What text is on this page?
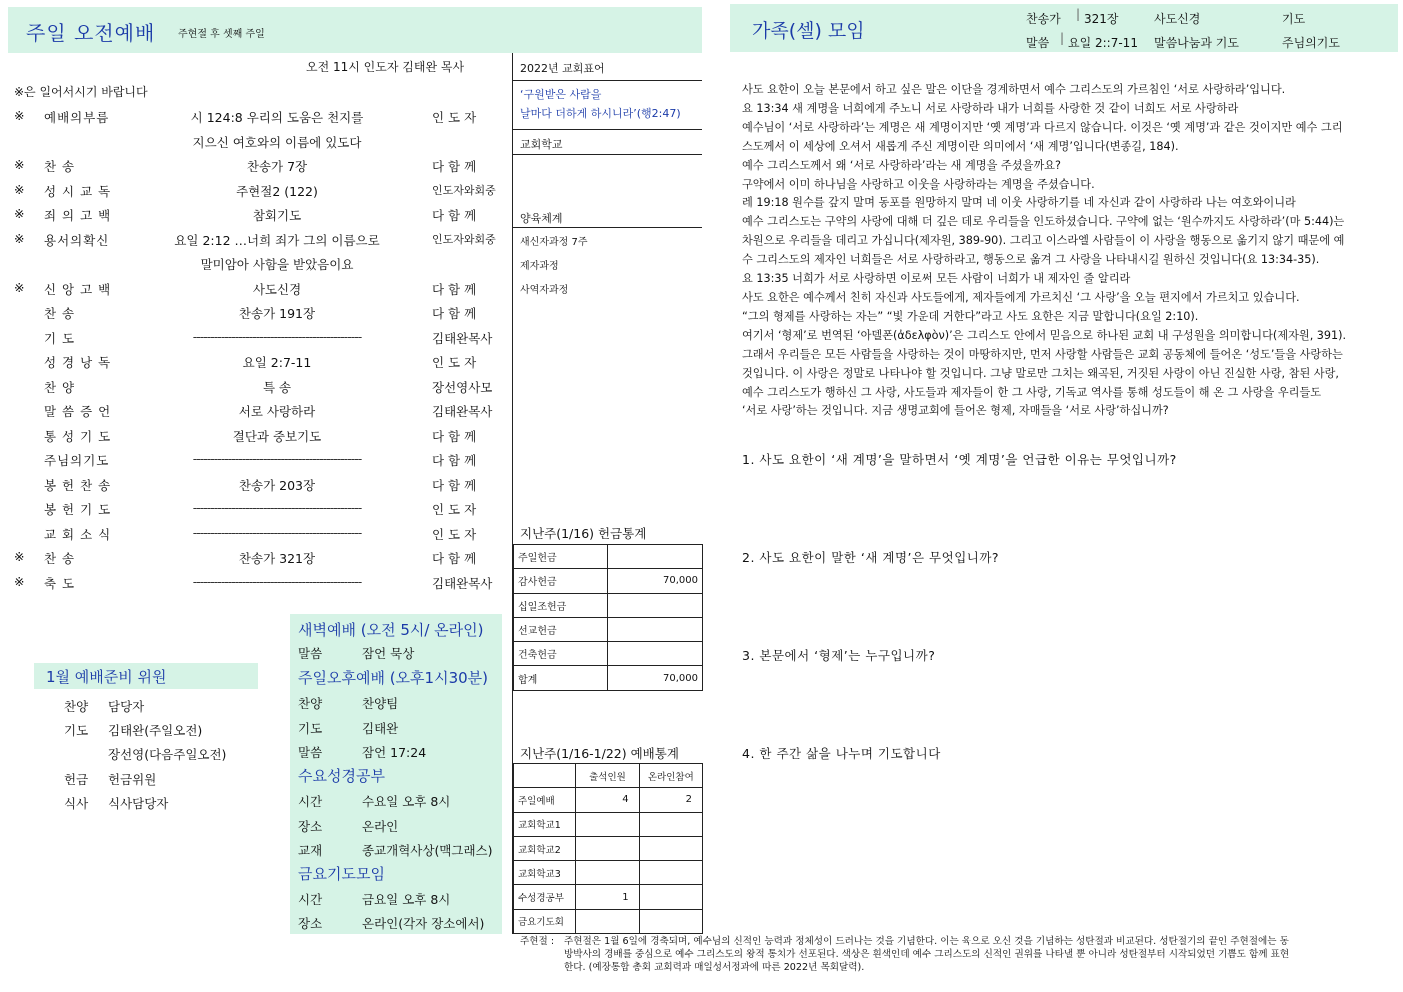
주일 오전예배 주현절 후 셋째 주일
오전 11시 인도자 김태완 목사
※은 일어서시기 바랍니다
※ 예배의부름	시 124:8 우리의 도움은 천지를	인 도 자
지으신 여호와의 이름에 있도다
※ 찬 송	찬송가 7장	다 함 께
※ 성 시 교 독	주현절2 (122)	인도자와회중
※ 죄 의 고 백	참회기도	다 함 께
※ 용서의확신	요일 2:12 …너희 죄가 그의 이름으로	인도자와회중
말미암아 사함을 받았음이요
※ 신 앙 고 백	사도신경	다 함 께
찬 송	찬송가 191장	다 함 께
기 도	------------------------------------------------	김태완목사
성 경 낭 독	요일 2:7-11	인 도 자
찬 양	특 송	장선영사모
말 씀 증 언	서로 사랑하라	김태완목사
통 성 기 도	결단과 중보기도	다 함 께
주님의기도	------------------------------------------------	다 함 께
봉 헌 찬 송	찬송가 203장	다 함 께
봉 헌 기 도	------------------------------------------------	인 도 자
교 회 소 식	------------------------------------------------	인 도 자
※ 찬 송	찬송가 321장	다 함 께
※ 축 도	------------------------------------------------	김태완목사
2022년 교회표어
‘구원받은 사람을
날마다 더하게 하시니라’(행2:47)
교회학교
양육체계
새신자과정 7주
제자과정
사역자과정
지난주(1/16) 헌금통계
주일헌금	
감사헌금	70,000
십일조헌금	
선교헌금	
건축헌금	
합계	70,000
지난주(1/16-1/22) 예배통계
	출석인원	온라인참여
주일예배	4	2
교회학교1		
교회학교2		
교회학교3		
수성경공부	1	
금요기도회		
새벽예배 (오전 5시/ 온라인)
말씀	잠언 묵상
주일오후예배 (오후1시30분)
찬양	찬양팀
기도	김태완
말씀	잠언 17:24
수요성경공부
시간	수요일 오후 8시
장소	온라인
교재	종교개혁사상(맥그래스)
금요기도모임
시간	금요일 오후 8시
장소	온라인(각자 장소에서)
1월 예배준비 위원
찬양 담당자
기도 김태완(주일오전)
장선영(다음주일오전)
헌금 헌금위원
식사 식사담당자
가족(셀) 모임
찬송가 | 321장	사도신경	기도
말씀 | 요일 2::7-11 말씀나눔과 기도	주님의기도
사도 요한이 오늘 본문에서 하고 싶은 말은 이단을 경계하면서 예수 그리스도의 가르침인 ‘서로 사랑하라’입니다.
요 13:34 새 계명을 너희에게 주노니 서로 사랑하라 내가 너희를 사랑한 것 같이 너희도 서로 사랑하라
예수님이 ‘서로 사랑하라’는 계명은 새 계명이지만 ‘옛 계명’과 다르지 않습니다. 이것은 ‘옛 계명’과 같은 것이지만 예수 그리
스도께서 이 세상에 오셔서 새롭게 주신 계명이란 의미에서 ‘새 계명’입니다(변종길, 184).
예수 그리스도께서 왜 ‘서로 사랑하라’라는 새 계명을 주셨을까요?
구약에서 이미 하나님을 사랑하고 이웃을 사랑하라는 계명을 주셨습니다.
레 19:18 원수를 갚지 말며 동포를 원망하지 말며 네 이웃 사랑하기를 네 자신과 같이 사랑하라 나는 여호와이니라
예수 그리스도는 구약의 사랑에 대해 더 깊은 데로 우리들을 인도하셨습니다. 구약에 없는 ‘원수까지도 사랑하라’(마 5:44)는
차원으로 우리들을 데리고 가십니다(제자원, 389-90). 그리고 이스라엘 사람들이 이 사랑을 행동으로 옮기지 않기 때문에 예
수 그리스도의 제자인 너희들은 서로 사랑하라고, 행동으로 옮겨 그 사랑을 나타내시길 원하신 것입니다(요 13:34-35).
요 13:35 너희가 서로 사랑하면 이로써 모든 사람이 너희가 내 제자인 줄 알리라
사도 요한은 예수께서 친히 자신과 사도들에게, 제자들에게 가르치신 ‘그 사랑’을 오늘 편지에서 가르치고 있습니다.
“그의 형제를 사랑하는 자는” “빛 가운데 거한다”라고 사도 요한은 지금 말합니다(요일 2:10).
여기서 ‘형제’로 번역된 ‘아델폰(ἀδελφὸν)’은 그리스도 안에서 믿음으로 하나된 교회 내 구성원을 의미합니다(제자원, 391).
그래서 우리들은 모든 사람들을 사랑하는 것이 마땅하지만, 먼저 사랑할 사람들은 교회 공동체에 들어온 ‘성도’들을 사랑하는
것입니다. 이 사랑은 정말로 나타나야 할 것입니다. 그냥 말로만 그치는 왜곡된, 거짓된 사랑이 아닌 진실한 사랑, 참된 사랑,
예수 그리스도가 행하신 그 사랑, 사도들과 제자들이 한 그 사랑, 기독교 역사를 통해 성도들이 해 온 그 사랑을 우리들도
‘서로 사랑’하는 것입니다. 지금 생명교회에 들어온 형제, 자매들을 ‘서로 사랑’하십니까?
1. 사도 요한이 ‘새 계명’을 말하면서 ‘옛 계명’을 언급한 이유는 무엇입니까?
2. 사도 요한이 말한 ‘새 계명’은 무엇입니까?
3. 본문에서 ‘형제’는 누구입니까?
4. 한 주간 삶을 나누며 기도합니다
주현절 : 주현절은 1월 6일에 경축되며, 예수님의 신적인 능력과 정체성이 드러나는 것을 기념한다. 이는 육으로 오신 것을 기념하는 성탄절과 비교된다. 성탄절기의 끝인 주현절에는 동
방박사의 경배를 중심으로 예수 그리스도의 왕적 통치가 선포된다. 색상은 흰색인데 예수 그리스도의 신적인 권위를 나타낼 뿐 아니라 성탄절부터 시작되었던 기쁨도 함께 표현
한다. (예장통합 총회 교회력과 매일성서정과에 따른 2022년 목회달력).
